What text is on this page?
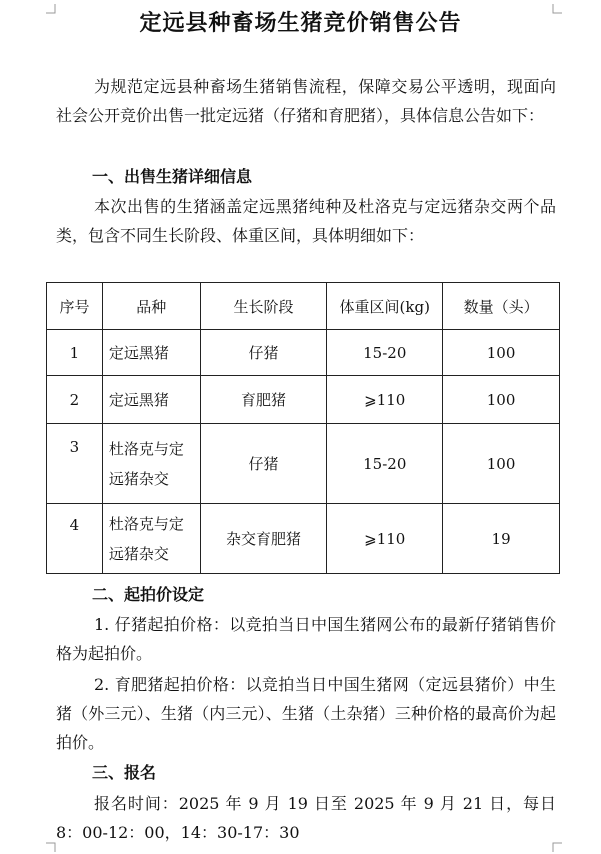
定远县种畜场生猪竞价销售公告
为规范定远县种畜场生猪销售流程，保障交易公平透明，现面向社会公开竞价出售一批定远猪（仔猪和育肥猪），具体信息公告如下：
一、出售生猪详细信息
本次出售的生猪涵盖定远黑猪纯种及杜洛克与定远猪杂交两个品类，包含不同生长阶段、体重区间，具体明细如下：
序号	品种	生长阶段	体重区间(kg)	数量（头）
1	定远黑猪	仔猪	15-20	100
2	定远黑猪	育肥猪	⩾110	100
3	杜洛克与定远猪杂交	仔猪	15-20	100
4	杜洛克与定远猪杂交	杂交育肥猪	⩾110	19
二、起拍价设定
1. 仔猪起拍价格：以竞拍当日中国生猪网公布的最新仔猪销售价格为起拍价。
2. 育肥猪起拍价格：以竞拍当日中国生猪网（定远县猪价）中生猪（外三元）、生猪（内三元）、生猪（土杂猪）三种价格的最高价为起拍价。
三、报名
报名时间：2025 年 9 月 19 日至 2025 年 9 月 21 日，每日 8：00-12：00，14：30-17：30
